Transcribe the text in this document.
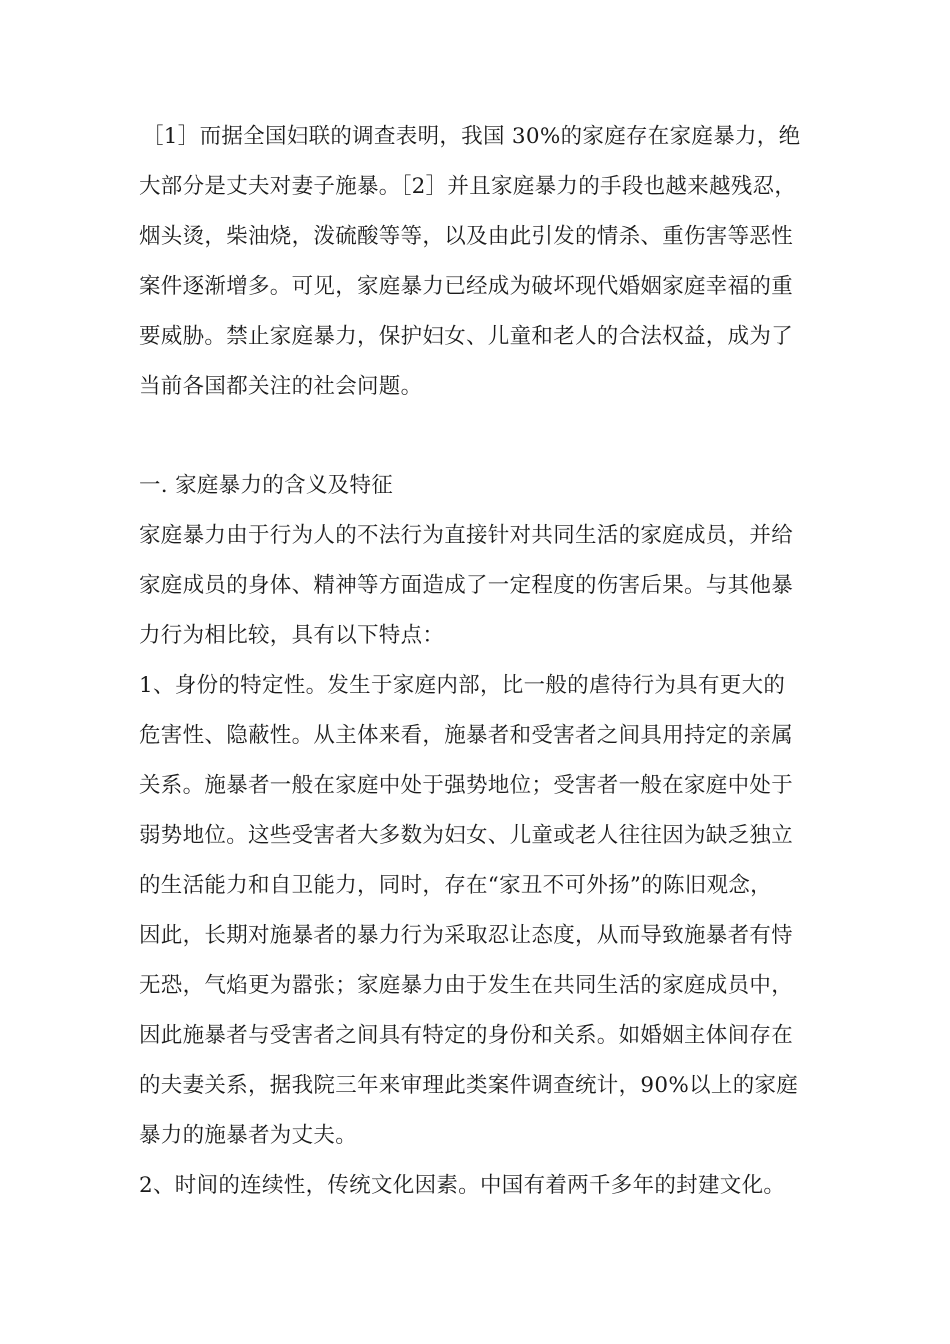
［1］而据全国妇联的调查表明，我国 30%的家庭存在家庭暴力，绝
大部分是丈夫对妻子施暴。［2］并且家庭暴力的手段也越来越残忍，
烟头烫，柴油烧，泼硫酸等等，以及由此引发的情杀、重伤害等恶性
案件逐渐增多。可见，家庭暴力已经成为破坏现代婚姻家庭幸福的重
要威胁。禁止家庭暴力，保护妇女、儿童和老人的合法权益，成为了
当前各国都关注的社会问题。
一. 家庭暴力的含义及特征
家庭暴力由于行为人的不法行为直接针对共同生活的家庭成员，并给
家庭成员的身体、精神等方面造成了一定程度的伤害后果。与其他暴
力行为相比较，具有以下特点：
1、身份的特定性。发生于家庭内部，比一般的虐待行为具有更大的
危害性、隐蔽性。从主体来看，施暴者和受害者之间具用持定的亲属
关系。施暴者一般在家庭中处于强势地位；受害者一般在家庭中处于
弱势地位。这些受害者大多数为妇女、儿童或老人往往因为缺乏独立
的生活能力和自卫能力，同时，存在“家丑不可外扬”的陈旧观念，
因此，长期对施暴者的暴力行为采取忍让态度，从而导致施暴者有恃
无恐，气焰更为嚣张；家庭暴力由于发生在共同生活的家庭成员中，
因此施暴者与受害者之间具有特定的身份和关系。如婚姻主体间存在
的夫妻关系，据我院三年来审理此类案件调查统计，90%以上的家庭
暴力的施暴者为丈夫。
2、时间的连续性，传统文化因素。中国有着两千多年的封建文化。
